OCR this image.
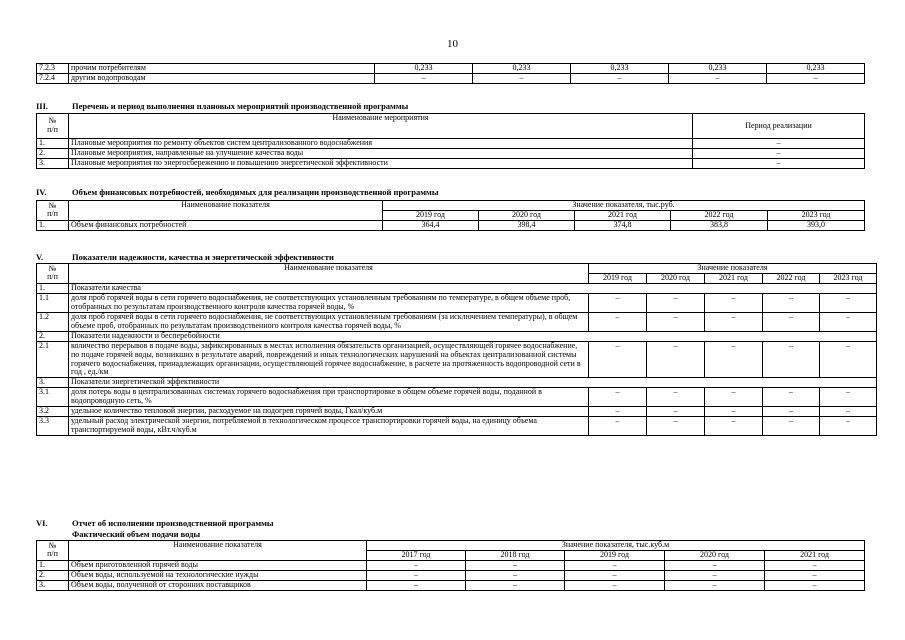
10
7.2.3	прочим потребителям	0,233	0,233	0,233	0,233	0,233
7.2.4	другим водопроводам	–	–	–	–	–
III.	Перечень и период выполнения плановых мероприятий производственной программы
№
п/п	Наименование мероприятия	Период реализации
1.	Плановые мероприятия по ремонту объектов систем централизованного водоснабжения	–
2.	Плановые мероприятия, направленные на улучшение качества воды	–
3.	Плановые мероприятия по энергосбережению и повышению энергетической эффективности	–
IV.	Объем финансовых потребностей, необходимых для реализации производственной программы
№
п/п	Наименование показателя	Значение показателя, тыс.руб.				
		2019 год	2020 год	2021 год	2022 год	2023 год
1.	Объем финансовых потребностей	364,4	398,4	374,8	383,8	393,0
V.	Показатели надежности, качества и энергетической эффективности
№
п/п	Наименование показателя	Значение показателя				
		2019 год	2020 год	2021 год	2022 год	2023 год
1.	Показатели качества					
1.1	доля проб горячей воды в сети горячего водоснабжения, не соответствующих установленным требованиям по температуре, в общем объеме проб, отобранных по результатам производственного контроля качества горячей воды, %	–	–	–	–	–
1.2	доля проб горячей воды в сети горячего водоснабжения, не соответствующих установленным требованиям (за исключением температуры), в общем объеме проб, отобранных по результатам производственного контроля качества горячей воды, %	–	–	–	–	–
2.	Показатели надежности и бесперебойности					
2.1	количество перерывов в подаче воды, зафиксированных в местах исполнения обязательств организацией, осуществляющей горячее водоснабжение, по подаче горячей воды, возникших в результате аварий, повреждений и иных технологических нарушений на объектах централизованной системы горячего водоснабжения, принадлежащих организации, осуществляющей горячее водоснабжение, в расчете на протяженность водопроводной сети в год , ед./км	–	–	–	–	–
3.	Показатели энергетической эффективности					
3.1	доля потерь воды в централизованных системах горячего водоснабжения при транспортировке в общем объеме горячей воды, поданной в водопроводную сеть, %	–	–	–	–	–
3.2	удельное количество тепловой энергии, расходуемое на подогрев горячей воды, Гкал/куб.м	–	–	–	–	–
3.3	удельный расход электрической энергии, потребляемой в технологическом процессе транспортировки горячей воды, на единицу объема транспортируемой воды, кВт.ч/куб.м	–	–	–	–	–
VI.	Отчет об исполнении производственной программы
Фактический объем подачи воды
№
п/п	Наименование показателя	Значение показателя, тыс.куб.м				
		2017 год	2018 год	2019 год	2020 год	2021 год
1.	Объем приготовленной горячей воды	–	–	–	–	–
2.	Объем воды, используемой на технологические нужды	–	–	–	–	–
3.	Объем воды, полученной от сторонних поставщиков	–	–	–	–	–
